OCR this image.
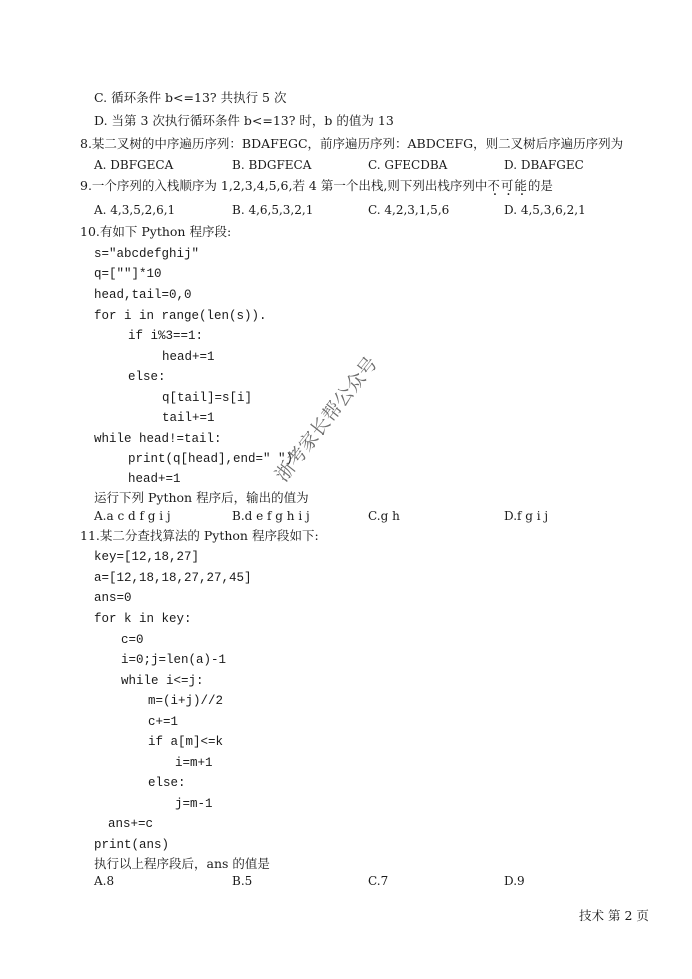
C. 循环条件 b<=13? 共执行 5 次
D. 当第 3 次执行循环条件 b<=13? 时，b 的值为 13
8.某二叉树的中序遍历序列：BDAFEGC，前序遍历序列：ABDCEFG，则二叉树后序遍历序列为
9.一个序列的入栈顺序为 1,2,3,4,5,6,若 4 第一个出栈,则下列出栈序列中不可能的是
10.有如下 Python 程序段:
s="abcdefghij"
q=[""]*10
head,tail=0,0
for i in range(len(s)).
if i%3==1:
head+=1
else:
q[tail]=s[i]
tail+=1
while head!=tail:
print(q[head],end=" ")
head+=1
运行下列 Python 程序后，输出的值为
11.某二分查找算法的 Python 程序段如下:
key=[12,18,27]
a=[12,18,18,27,27,45]
ans=0
for k in key:
c=0
i=0;j=len(a)-1
while i<=j:
m=(i+j)//2
c+=1
if a[m]<=k
i=m+1
else:
j=m-1
ans+=c
print(ans)
执行以上程序段后，ans 的值是
A. DBFGECA	B. BDGFECA	C. GFECDBA	D. DBAFGEC
A. 4,3,5,2,6,1	B. 4,6,5,3,2,1	C. 4,2,3,1,5,6	D. 4,5,3,6,2,1
A.a c d f g i j	B.d e f g h i j	C.g h	D.f g i j
A.8	B.5	C.7	D.9
浙考家长帮公众号
技术 第 2 页
